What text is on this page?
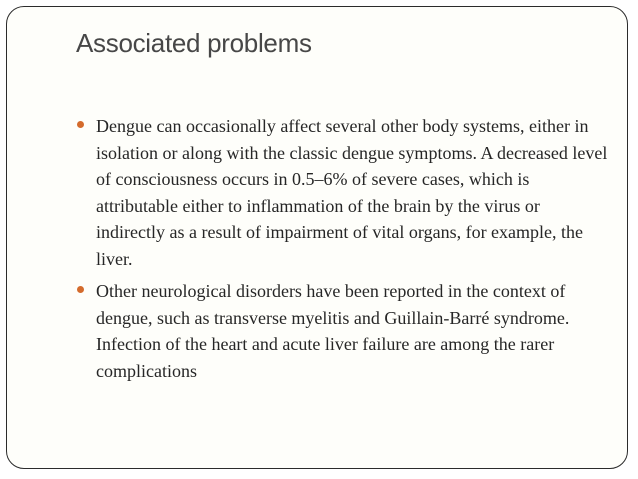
Associated problems
Dengue can occasionally affect several other body systems, either in isolation or along with the classic dengue symptoms. A decreased level of consciousness occurs in 0.5–6% of severe cases, which is attributable either to inflammation of the brain by the virus or indirectly as a result of impairment of vital organs, for example, the liver.
Other neurological disorders have been reported in the context of dengue, such as transverse myelitis and Guillain-Barré syndrome. Infection of the heart and acute liver failure are among the rarer complications
